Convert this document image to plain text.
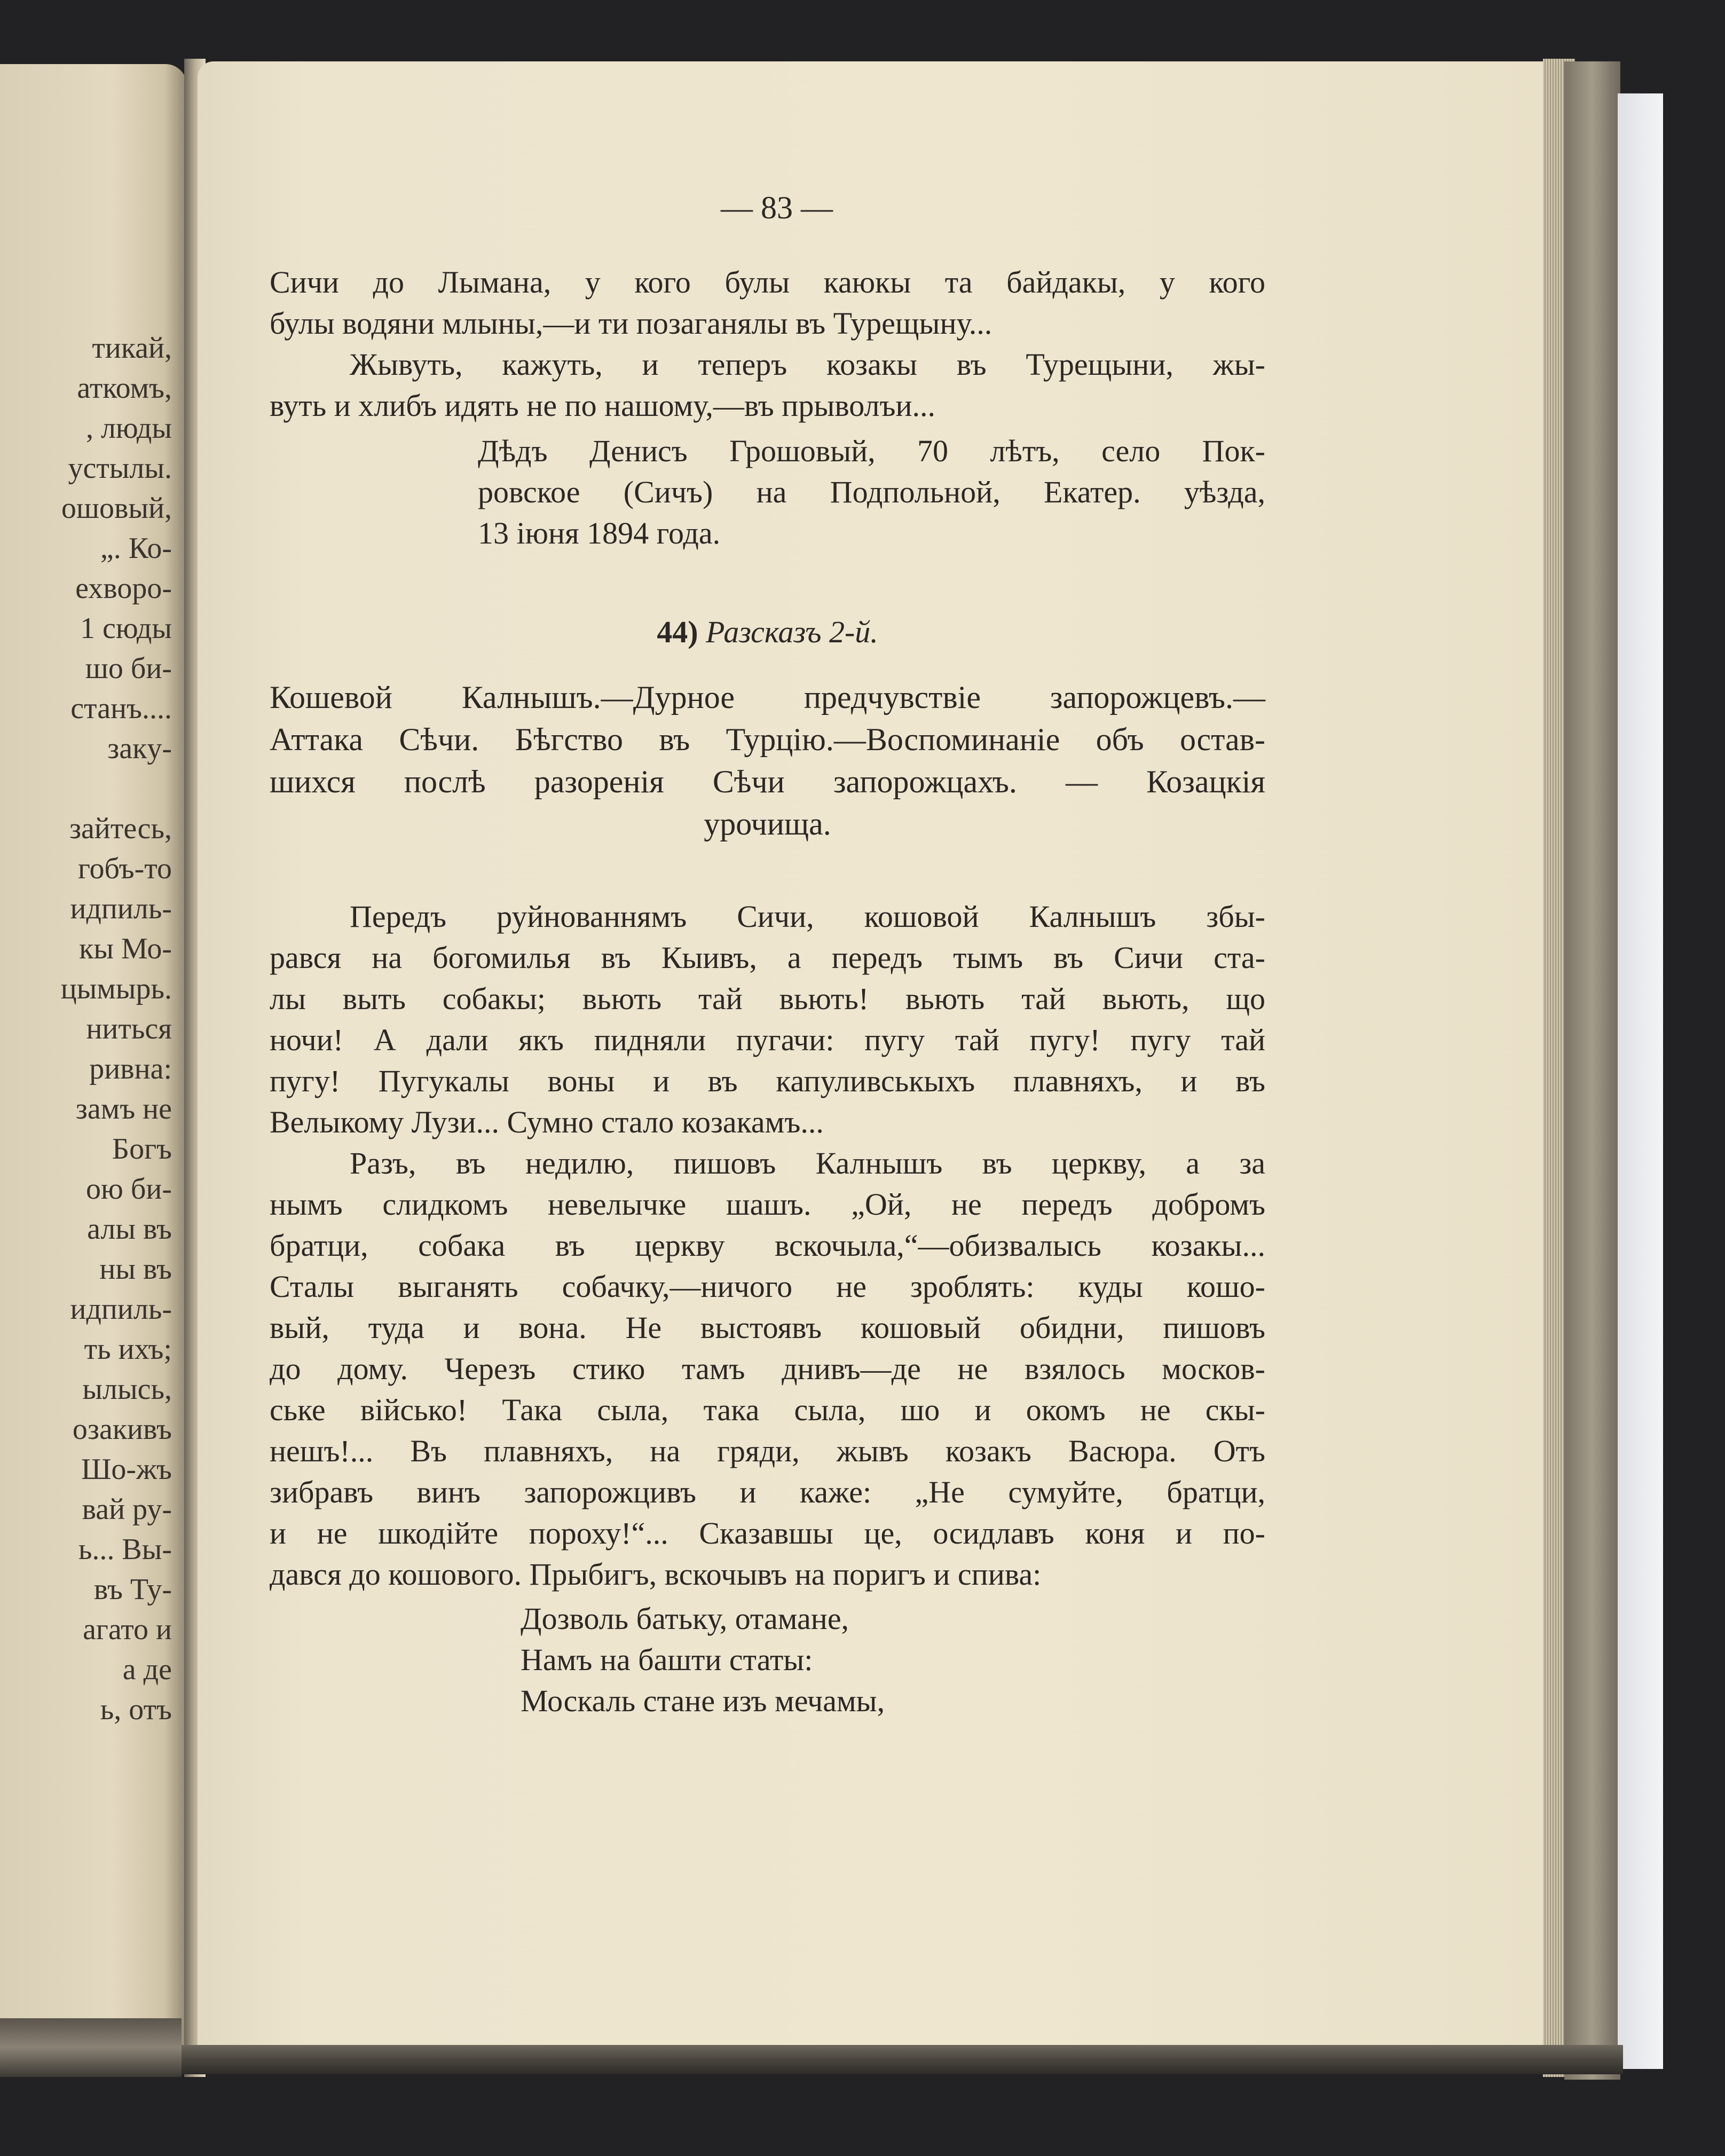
тикай,
аткомъ,
, люды
устылы.
ошовый,
„. Ко-
ехворо-
1 сюды
шо би-
станъ....
закy-
зайтесь,
гобъ-то
идпиль-
кы Мо-
цымырь.
ниться
ривна:
замъ не
Богъ
ою би-
алы въ
ны въ
идпиль-
ть ихъ;
ылысь,
озакивъ
Шо-жъ
вай ру-
ь... Вы-
въ Ту-
агато и
а де
ь, отъ
— 83 —
Сичи до Лымана, у кого булы каюкы та байдакы, у кого
булы водяни млыны,—и ти позаганялы въ Турещыну...
Жывуть, кажуть, и теперъ козакы въ Турещыни, жы-
вуть и хлибъ идять не по нашому,—въ прыволъи...
Дѣдъ Денисъ Грошовый, 70 лѣтъ, село Пок-
ровское (Сичъ) на Подпольной, Екатер. уѣзда,
13 іюня 1894 года.
44) Разсказъ 2-й.
Кошевой Калнышъ.—Дурное предчувствіе запорожцевъ.—
Аттака Сѣчи. Бѣгство въ Турцію.—Воспоминаніе объ остав-
шихся послѣ разоренія Сѣчи запорожцахъ. — Козацкія
урочища.
Передъ руйнованнямъ Сичи, кошовой Калнышъ збы-
рався на богомилья въ Кыивъ, а передъ тымъ въ Сичи ста-
лы выть собакы; вьють тай вьють! вьють тай вьють, що
ночи! А дали якъ пидняли пугачи: пугу тай пугу! пугу тай
пугу! Пугукалы воны и въ капуливськыхъ плавняхъ, и въ
Велыкому Лузи... Сумно стало козакамъ...
Разъ, въ недилю, пишовъ Калнышъ въ церкву, а за
нымъ слидкомъ невелычке шашъ. „Ой, не передъ добромъ
братци, собака въ церкву вскочыла,“—обизвалысь козакы...
Сталы выганять собачку,—ничого не зроблять: куды кошо-
вый, туда и вона. Не выстоявъ кошовый обидни, пишовъ
до дому. Черезъ стико тамъ днивъ—де не взялось москов-
ське військо! Така сыла, така сыла, шо и окомъ не скы-
нешъ!... Въ плавняхъ, на гряди, жывъ козакъ Васюра. Отъ
зибравъ винъ запорожцивъ и каже: „Не сумуйте, братци,
и не шкодійте пороху!“... Сказавшы це, осидлавъ коня и по-
дався до кошового. Прыбигъ, вскочывъ на поригъ и спива:
Дозволь батьку, отамане,
Намъ на башти статы:
Москаль стане изъ мечамы,
